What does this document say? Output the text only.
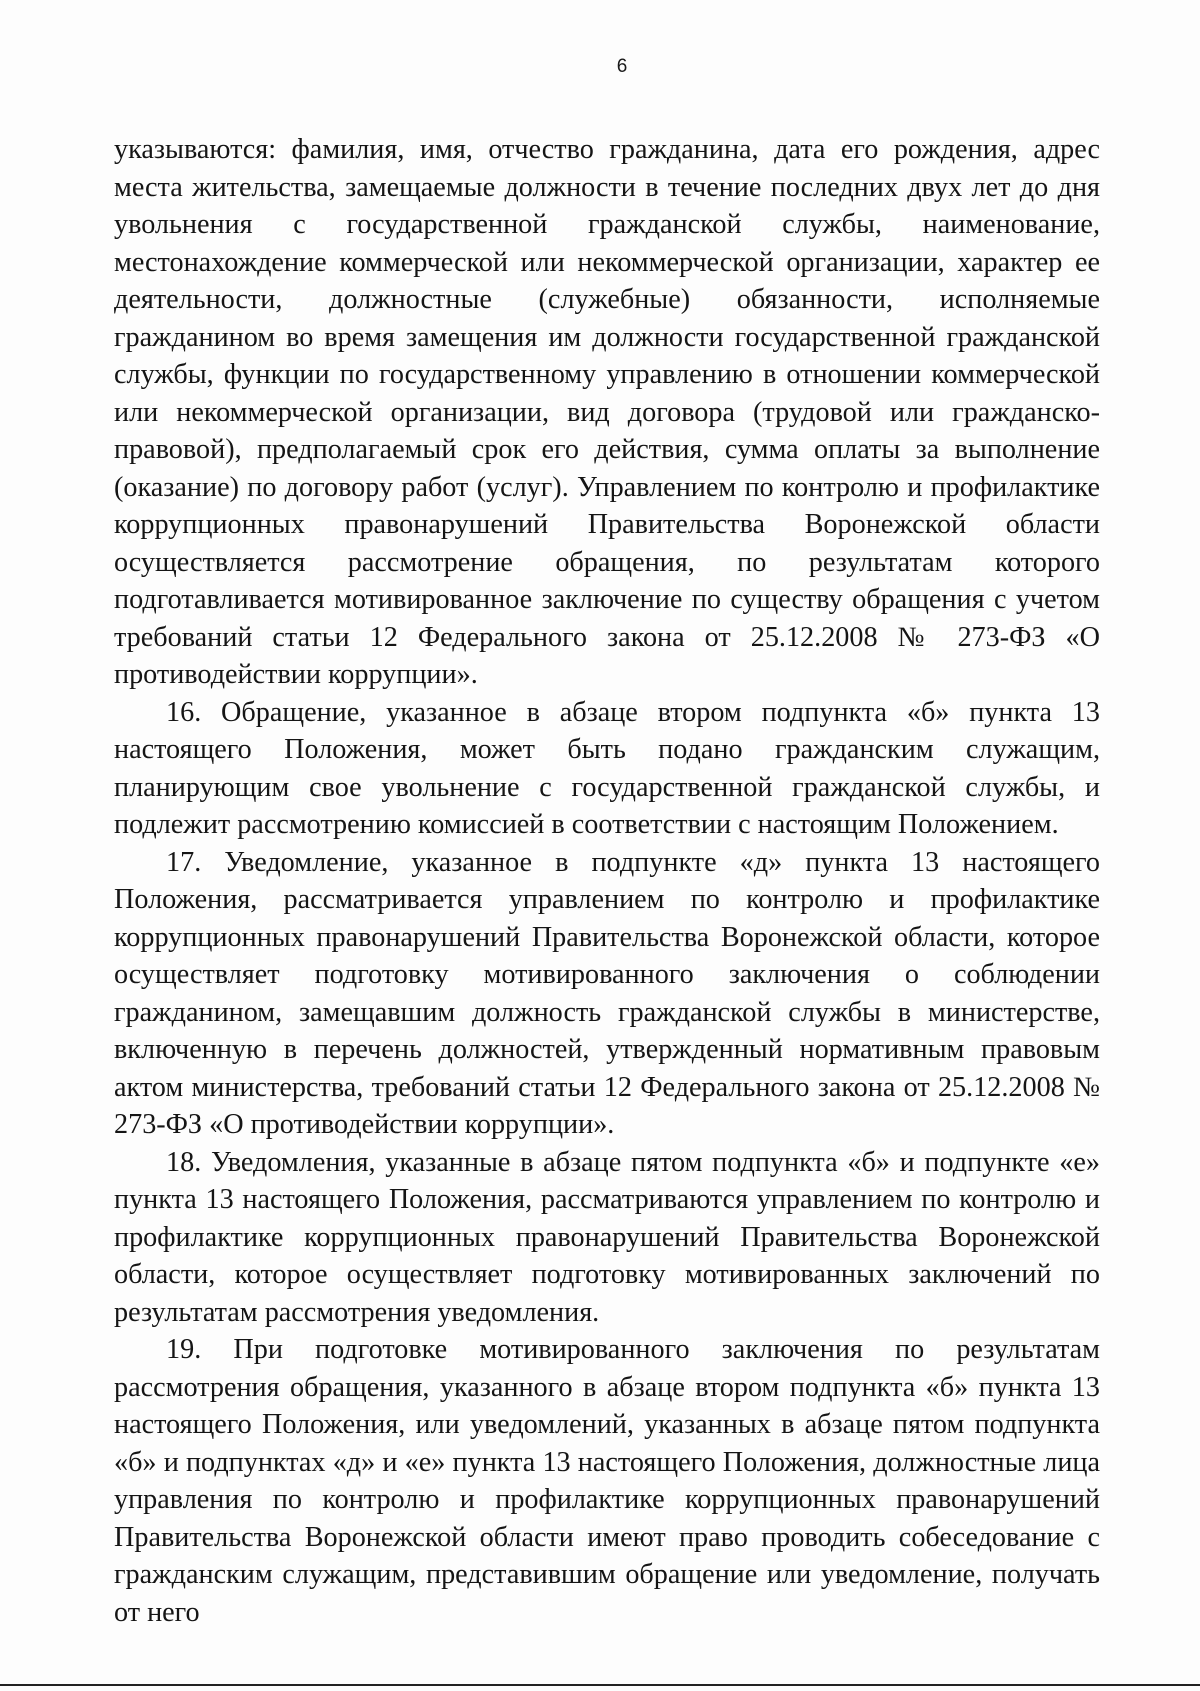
6

указываются: фамилия, имя, отчество гражданина, дата его рождения, адрес места жительства, замещаемые должности в течение последних двух лет до дня увольнения с государственной гражданской службы, наименование, местонахождение коммерческой или некоммерческой организации, характер ее деятельности, должностные (служебные) обязанности, исполняемые гражданином во время замещения им должности государственной гражданской службы, функции по государственному управлению в отношении коммерческой или некоммерческой организации, вид договора (трудовой или гражданско-правовой), предполагаемый срок его действия, сумма оплаты за выполнение (оказание) по договору работ (услуг). Управлением по контролю и профилактике коррупционных правонарушений Правительства Воронежской области осуществляется рассмотрение обращения, по результатам которого подготавливается мотивированное заключение по существу обращения с учетом требований статьи 12 Федерального закона от 25.12.2008 № 273-ФЗ «О противодействии коррупции».

16. Обращение, указанное в абзаце втором подпункта «б» пункта 13 настоящего Положения, может быть подано гражданским служащим, планирующим свое увольнение с государственной гражданской службы, и подлежит рассмотрению комиссией в соответствии с настоящим Положением.

17. Уведомление, указанное в подпункте «д» пункта 13 настоящего Положения, рассматривается управлением по контролю и профилактике коррупционных правонарушений Правительства Воронежской области, которое осуществляет подготовку мотивированного заключения о соблюдении гражданином, замещавшим должность гражданской службы в министерстве, включенную в перечень должностей, утвержденный нормативным правовым актом министерства, требований статьи 12 Федерального закона от 25.12.2008 № 273-ФЗ «О противодействии коррупции».

18. Уведомления, указанные в абзаце пятом подпункта «б» и подпункте «е» пункта 13 настоящего Положения, рассматриваются управлением по контролю и профилактике коррупционных правонарушений Правительства Воронежской области, которое осуществляет подготовку мотивированных заключений по результатам рассмотрения уведомления.

19. При подготовке мотивированного заключения по результатам рассмотрения обращения, указанного в абзаце втором подпункта «б» пункта 13 настоящего Положения, или уведомлений, указанных в абзаце пятом подпункта «б» и подпунктах «д» и «е» пункта 13 настоящего Положения, должностные лица управления по контролю и профилактике коррупционных правонарушений Правительства Воронежской области имеют право проводить собеседование с гражданским служащим, представившим обращение или уведомление, получать от него
